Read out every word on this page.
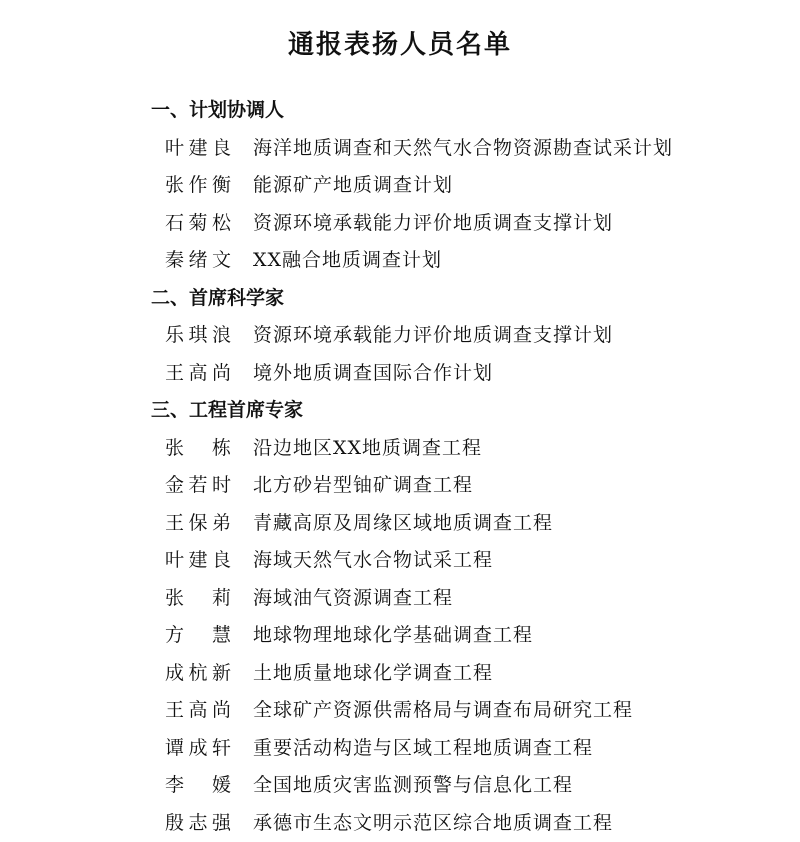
通报表扬人员名单
一、计划协调人
叶建良 海洋地质调查和天然气水合物资源勘查试采计划
张作衡 能源矿产地质调查计划
石菊松 资源环境承载能力评价地质调查支撑计划
秦绪文 XX融合地质调查计划
二、首席科学家
乐琪浪 资源环境承载能力评价地质调查支撑计划
王高尚 境外地质调查国际合作计划
三、工程首席专家
张栋 沿边地区XX地质调查工程
金若时 北方砂岩型铀矿调查工程
王保弟 青藏高原及周缘区域地质调查工程
叶建良 海域天然气水合物试采工程
张莉 海域油气资源调查工程
方慧 地球物理地球化学基础调查工程
成杭新 土地质量地球化学调查工程
王高尚 全球矿产资源供需格局与调查布局研究工程
谭成轩 重要活动构造与区域工程地质调查工程
李媛 全国地质灾害监测预警与信息化工程
殷志强 承德市生态文明示范区综合地质调查工程
